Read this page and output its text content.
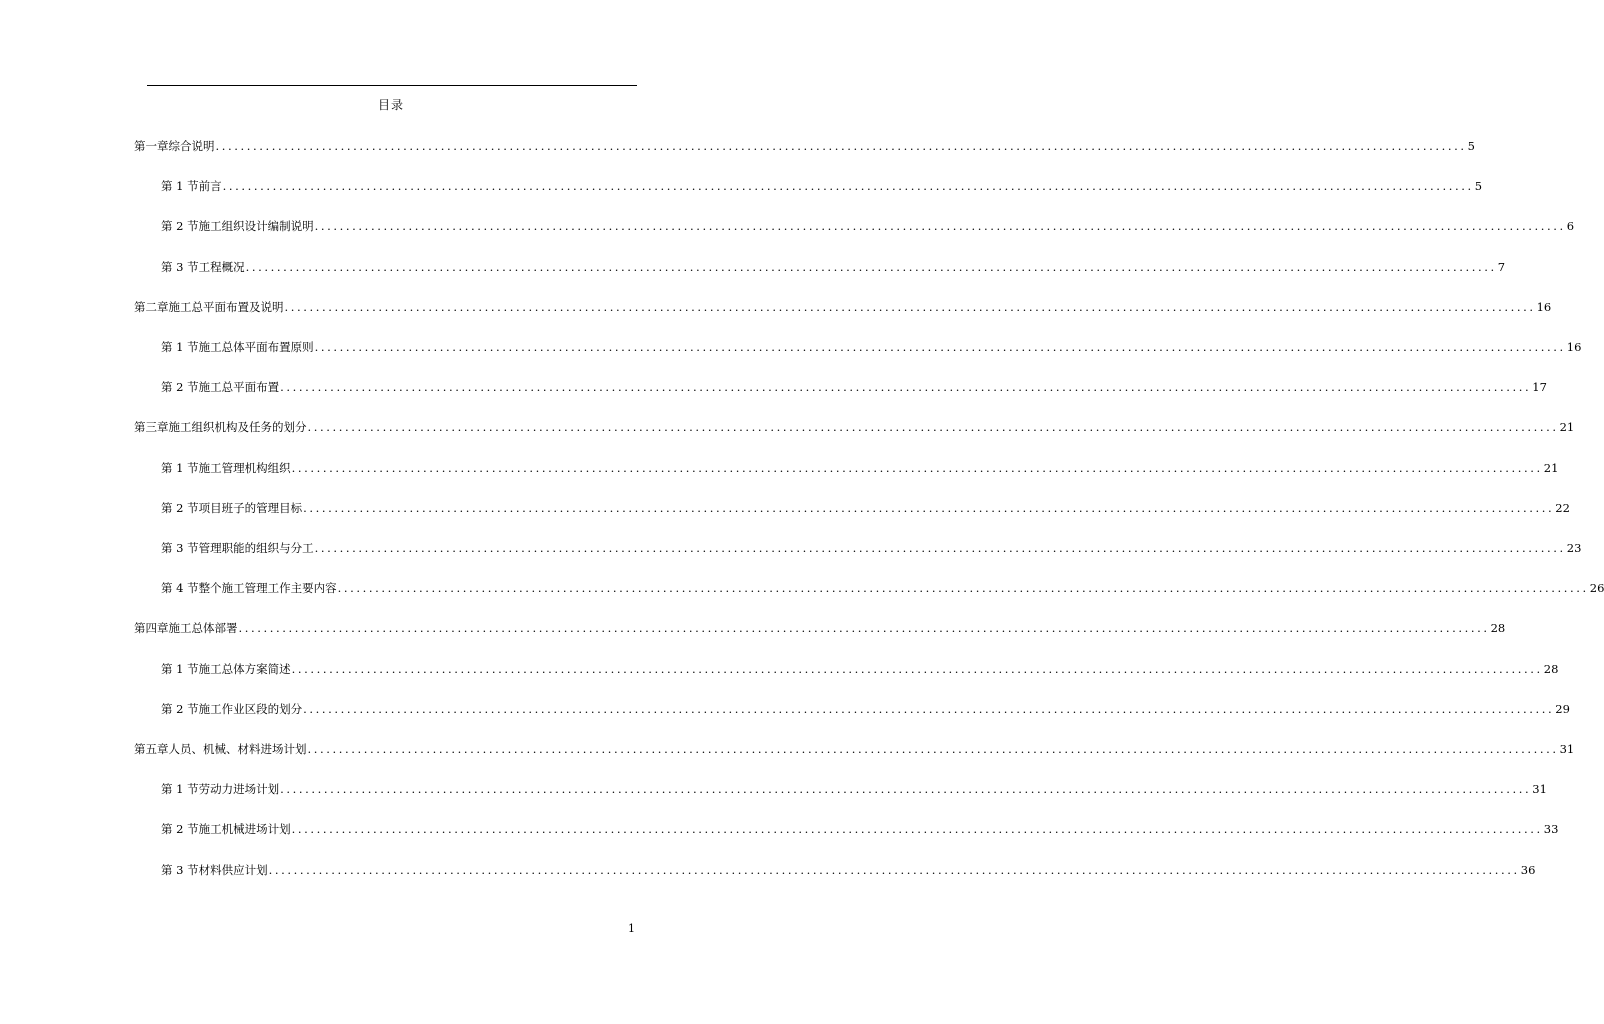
目录
第一章 综合说明 ........................................................................................................................................................................................................ 5
第 1 节 前言 ........................................................................................................................................................................................................ 5
第 2 节 施工组织设计编制说明 ........................................................................................................................................................................................................ 6
第 3 节 工程概况 ........................................................................................................................................................................................................ 7
第二章 施工总平面布置及说明 ........................................................................................................................................................................................................ 16
第 1 节 施工总体平面布置原则 ........................................................................................................................................................................................................ 16
第 2 节 施工总平面布置 ........................................................................................................................................................................................................ 17
第三章 施工组织机构及任务的划分 ........................................................................................................................................................................................................ 21
第 1 节 施工管理机构组织 ........................................................................................................................................................................................................ 21
第 2 节 项目班子的管理目标 ........................................................................................................................................................................................................ 22
第 3 节 管理职能的组织与分工 ........................................................................................................................................................................................................ 23
第 4 节 整个施工管理工作主要内容 ........................................................................................................................................................................................................ 26
第四章 施工总体部署 ........................................................................................................................................................................................................ 28
第 1 节 施工总体方案简述 ........................................................................................................................................................................................................ 28
第 2 节 施工作业区段的划分 ........................................................................................................................................................................................................ 29
第五章 人员、机械、材料进场计划 ........................................................................................................................................................................................................ 31
第 1 节 劳动力进场计划 ........................................................................................................................................................................................................ 31
第 2 节 施工机械进场计划 ........................................................................................................................................................................................................ 33
第 3 节 材料供应计划 ........................................................................................................................................................................................................ 36
1
